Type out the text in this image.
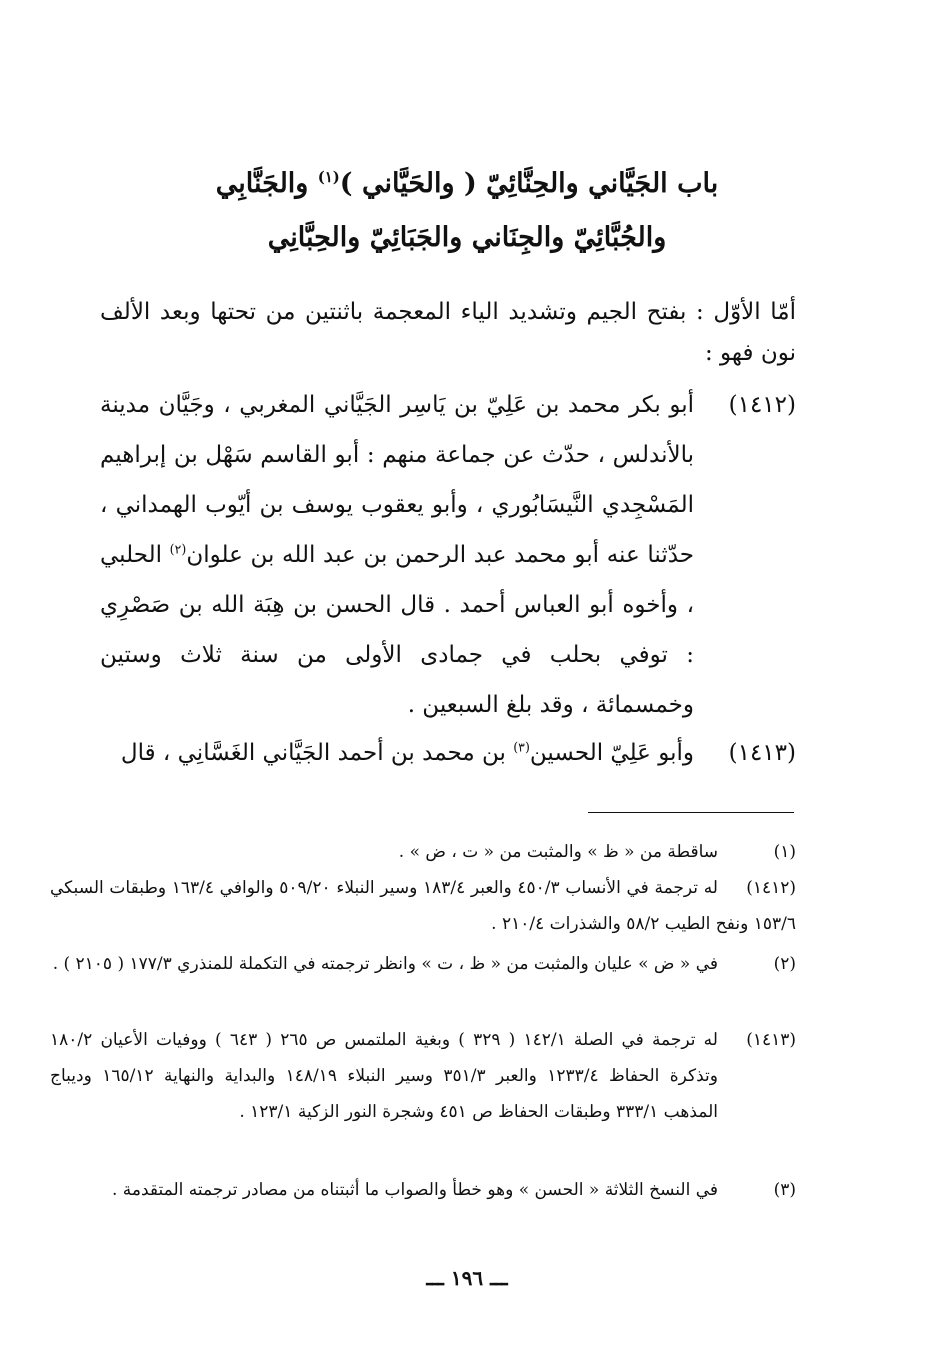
باب الجَيَّاني والحِنَّائِيّ ( والحَيَّاني )$^{(١)}$ والجَنَّابِي
والجُبَّائِيّ والجِنَاني والجَبَائِيّ والحِبَّانِي
أمّا الأوّل : بفتح الجيم وتشديد الياء المعجمة باثنتين من تحتها وبعد الألف نون فهو :
(١٤١٢)
أبو بكر محمد بن عَلِيّ بن يَاسِر الجَيَّاني المغربي ، وجَيَّان مدينة بالأندلس ، حدّث عن جماعة منهم : أبو القاسم سَهْل بن إبراهيم المَسْجِدي النَّيسَابُوري ، وأبو يعقوب يوسف بن أيّوب الهمداني ، حدّثنا عنه أبو محمد عبد الرحمن بن عبد الله بن علوان$^{(٢)}$ الحلبي ، وأخوه أبو العباس أحمد . قال الحسن بن هِبَة الله بن صَصْرِي : توفي بحلب في جمادى الأولى من سنة ثلاث وستين وخمسمائة ، وقد بلغ السبعين .
(١٤١٣)
وأبو عَلِيّ الحسين$^{(٣)}$ بن محمد بن أحمد الجَيَّاني الغَسَّانِي ، قال
(١)
ساقطة من « ظ » والمثبت من « ت ، ض » .
(١٤١٢)
له ترجمة في الأنساب ٤٥٠/٣ والعبر ١٨٣/٤ وسير النبلاء ٥٠٩/٢٠ والوافي ١٦٣/٤ وطبقات السبكي ١٥٣/٦ ونفح الطيب ٥٨/٢ والشذرات ٢١٠/٤ .
(٢)
في « ض » عليان والمثبت من « ظ ، ت » وانظر ترجمته في التكملة للمنذري ١٧٧/٣ ( ٢١٠٥ ) .
(١٤١٣)
له ترجمة في الصلة ١٤٢/١ ( ٣٢٩ ) وبغية الملتمس ص ٢٦٥ ( ٦٤٣ ) ووفيات الأعيان ١٨٠/٢ وتذكرة الحفاظ ١٢٣٣/٤ والعبر ٣٥١/٣ وسير النبلاء ١٤٨/١٩ والبداية والنهاية ١٦٥/١٢ وديباج المذهب ٣٣٣/١ وطبقات الحفاظ ص ٤٥١ وشجرة النور الزكية ١٢٣/١ .
(٣)
في النسخ الثلاثة « الحسن » وهو خطأ والصواب ما أثبتناه من مصادر ترجمته المتقدمة .
ـــ ١٩٦ ـــ
